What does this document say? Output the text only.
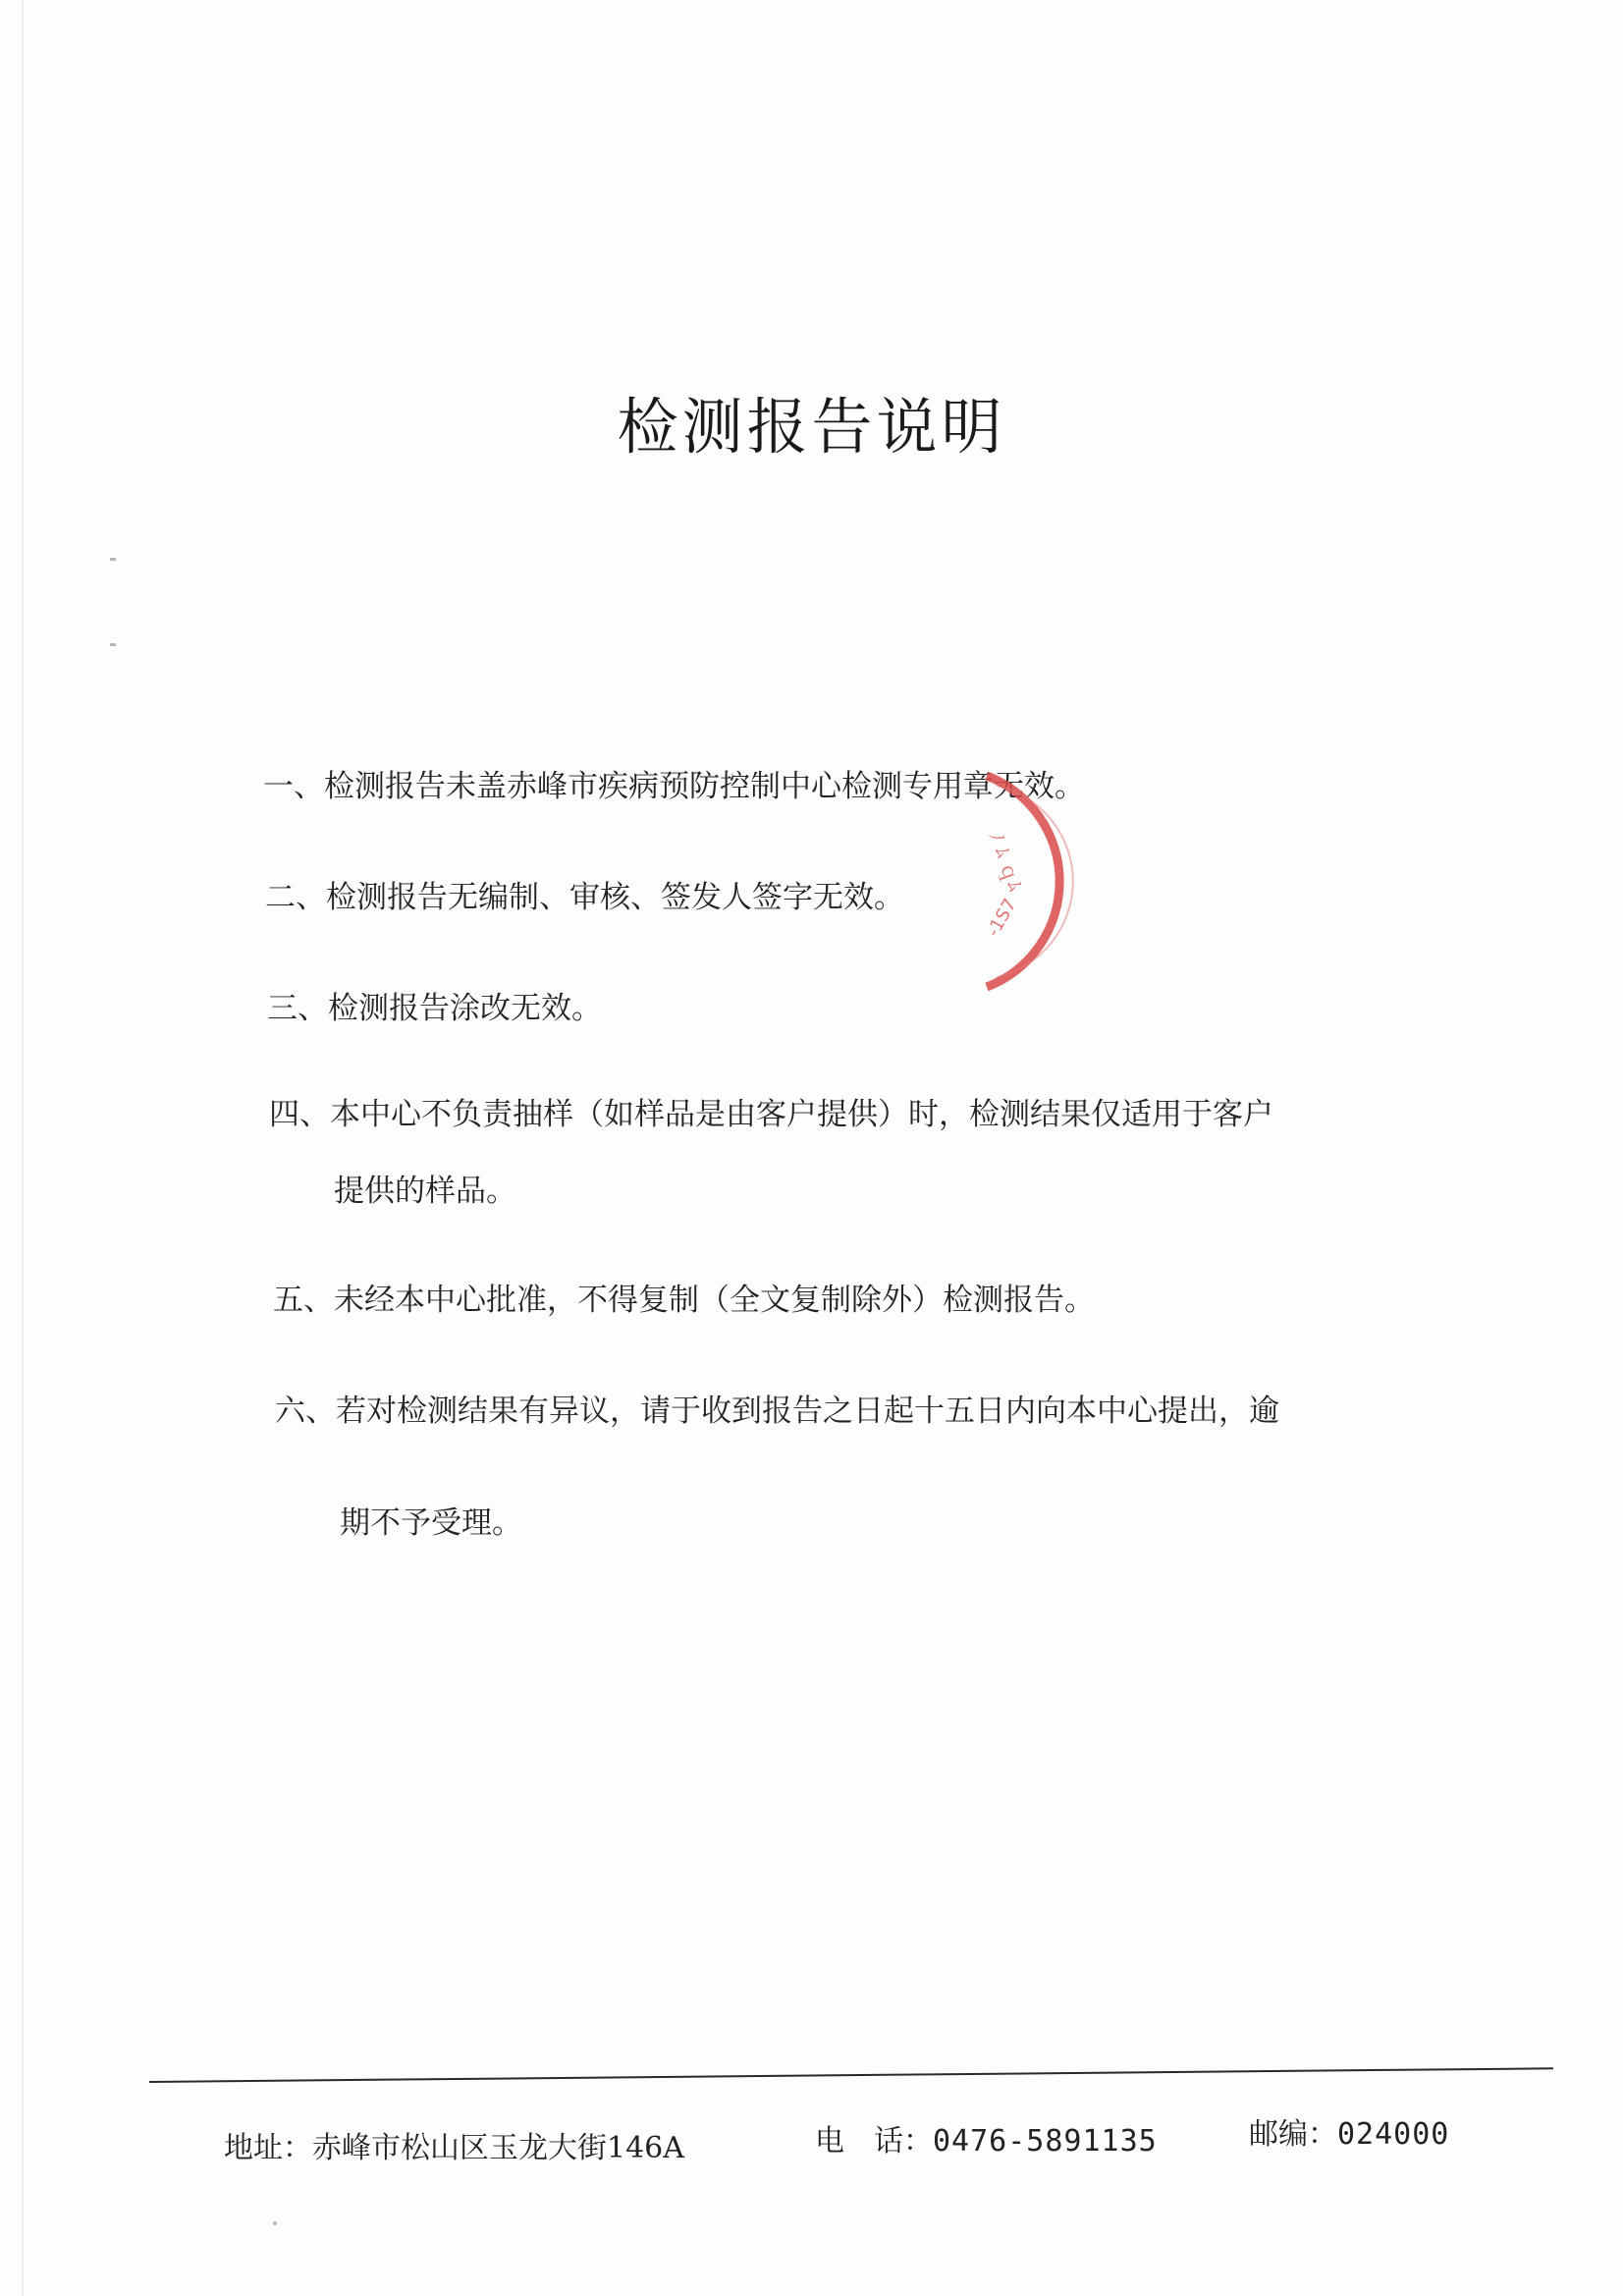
检测报告说明
一、检测报告未盖赤峰市疾病预防控制中心检测专用章无效。
二、检测报告无编制、审核、签发人签字无效。
三、检测报告涂改无效。
四、本中心不负责抽样（如样品是由客户提供）时，检测结果仅适用于客户
提供的样品。
五、未经本中心批准，不得复制（全文复制除外）检测报告。
六、若对检测结果有异议，请于收到报告之日起十五日内向本中心提出，逾
期不予受理。
ﾉ ﾑ ｑﾑ
-1S7
地址：赤峰市松山区玉龙大街146A	电　话：0476-5891135	邮编：024000
